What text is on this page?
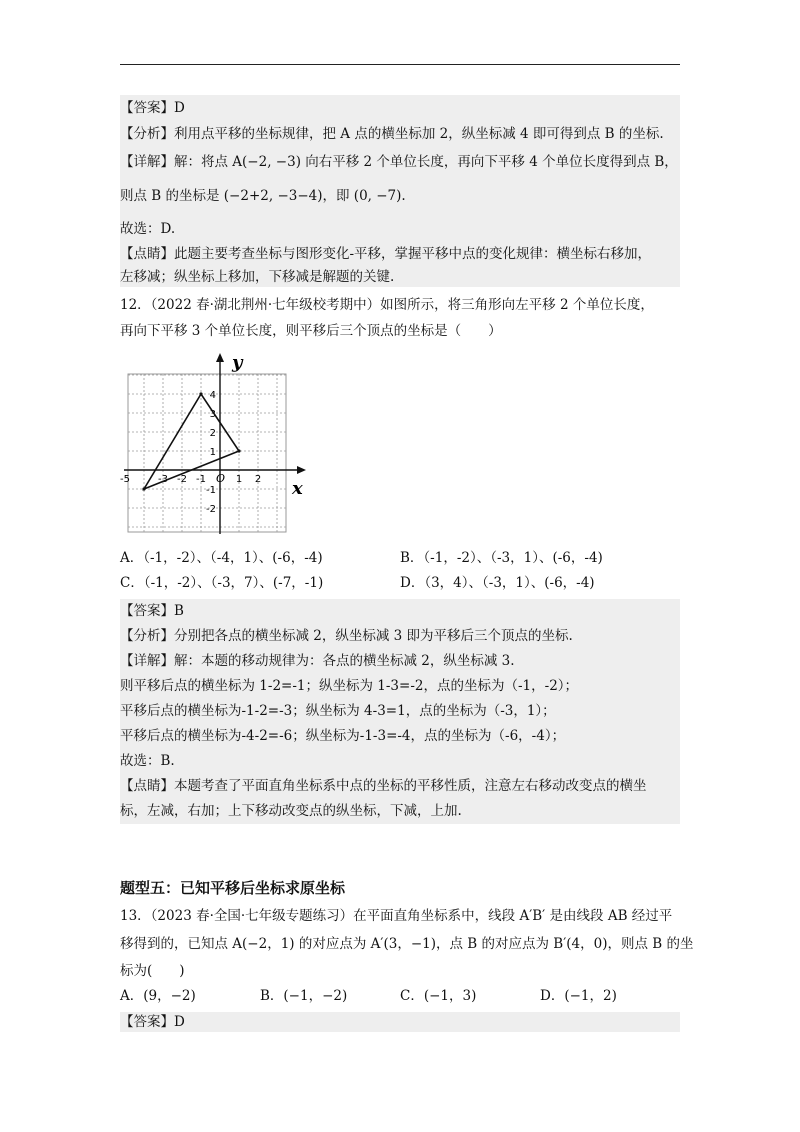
【答案】D
【分析】利用点平移的坐标规律，把 A 点的横坐标加 2，纵坐标减 4 即可得到点 B 的坐标.
【详解】解：将点 A(−2, −3) 向右平移 2 个单位长度，再向下平移 4 个单位长度得到点 B，
则点 B 的坐标是 (−2+2, −3−4)，即 (0, −7).
故选：D.
【点睛】此题主要考查坐标与图形变化-平移，掌握平移中点的变化规律：横坐标右移加，
左移减；纵坐标上移加，下移减是解题的关键.
12．（2022 春·湖北荆州·七年级校考期中）如图所示，将三角形向左平移 2 个单位长度，
再向下平移 3 个单位长度，则平移后三个顶点的坐标是（　　）
x
y
O
-5	-3 -2 -1	1 2
4
3
2
1
-1
-2
A．（-1，-2）、（-4，1）、(-6，-4)	B．（-1，-2）、（-3，1）、(-6，-4)
C．（-1，-2）、（-3，7）、(-7，-1)	D．（3，4）、（-3，1）、(-6，-4)
【答案】B
【分析】分别把各点的横坐标减 2，纵坐标减 3 即为平移后三个顶点的坐标.
【详解】解：本题的移动规律为：各点的横坐标减 2，纵坐标减 3.
则平移后点的横坐标为 1-2=-1；纵坐标为 1-3=-2，点的坐标为（-1，-2）；
平移后点的横坐标为-1-2=-3；纵坐标为 4-3=1，点的坐标为（-3，1）；
平移后点的横坐标为-4-2=-6；纵坐标为-1-3=-4，点的坐标为（-6，-4）；
故选：B.
【点睛】本题考查了平面直角坐标系中点的坐标的平移性质，注意左右移动改变点的横坐
标，左减，右加；上下移动改变点的纵坐标，下减，上加.
题型五：已知平移后坐标求原坐标
13．（2023 春·全国·七年级专题练习）在平面直角坐标系中，线段 A′B′ 是由线段 AB 经过平
移得到的，已知点 A(−2，1) 的对应点为 A′(3，−1)，点 B 的对应点为 B′(4，0)，则点 B 的坐
标为(　　)
A．(9，−2)	B．(−1，−2)	C．(−1，3)	D．(−1，2)
【答案】D
